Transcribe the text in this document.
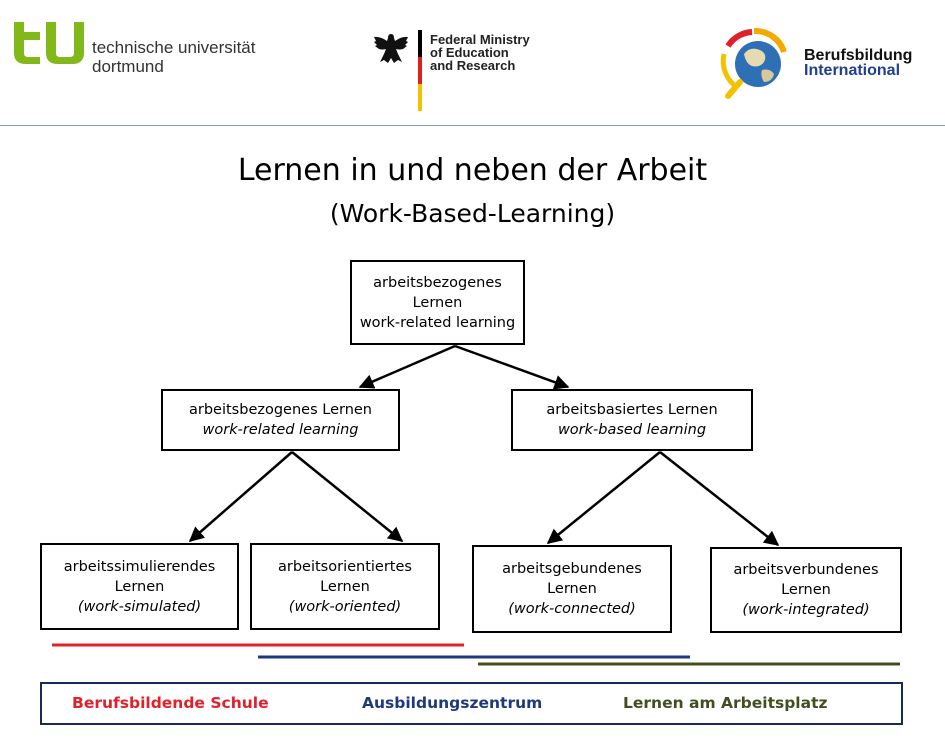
technische universität
dortmund
Federal Ministry
of Education
and Research
Berufsbildung
International
Lernen in und neben der Arbeit
(Work-Based-Learning)
arbeitsbezogenes
Lernen
work-related learning
arbeitsbezogenes Lernen
work-related learning
arbeitsbasiertes Lernen
work-based learning
arbeitssimulierendes
Lernen
(work-simulated)
arbeitsorientiertes
Lernen
(work-oriented)
arbeitsgebundenes
Lernen
(work-connected)
arbeitsverbundenes
Lernen
(work-integrated)
Berufsbildende Schule	Ausbildungszentrum	Lernen am Arbeitsplatz
